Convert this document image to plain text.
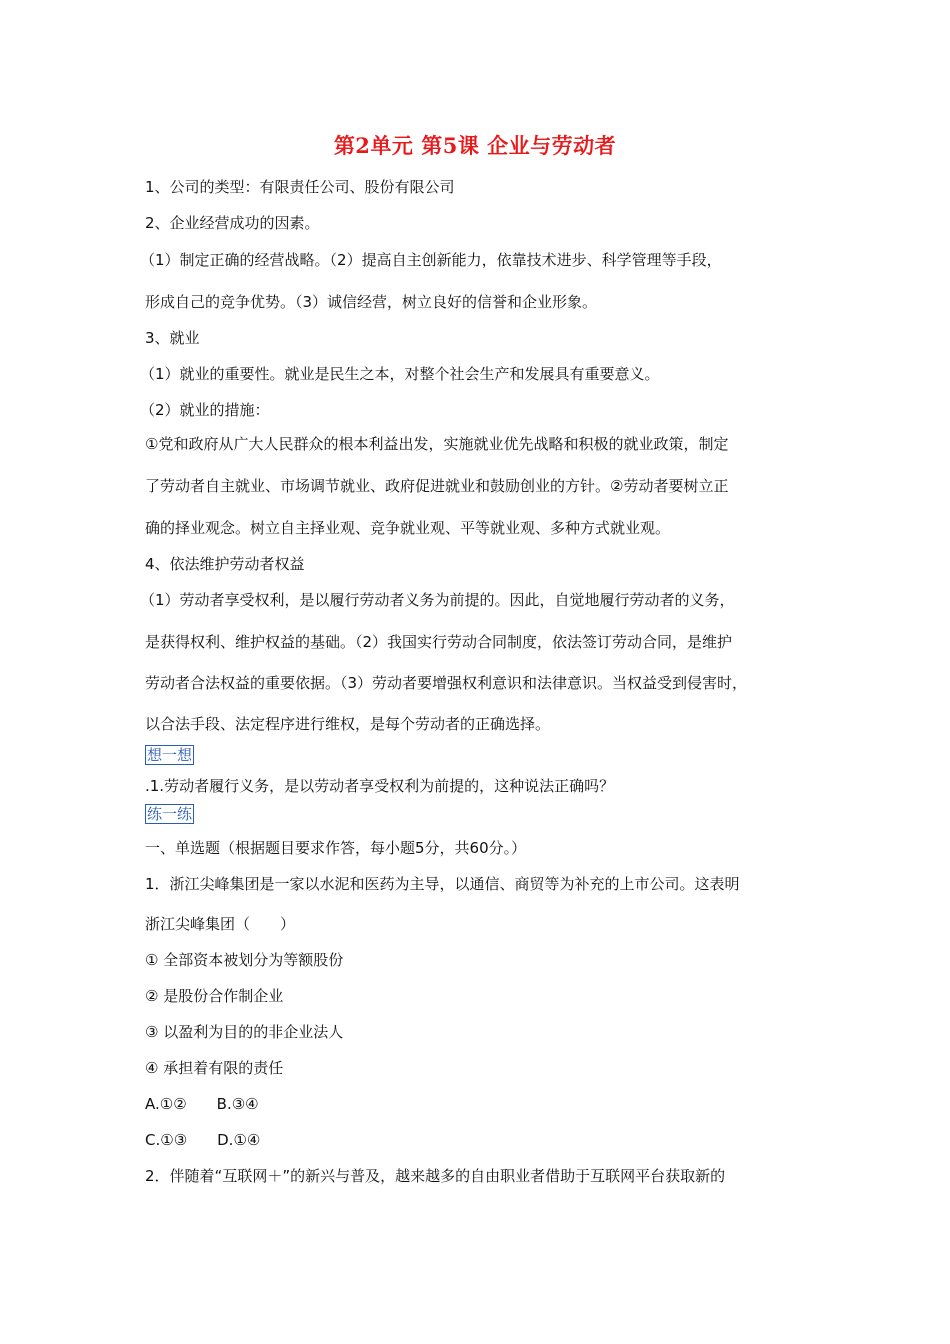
第2单元 第5课 企业与劳动者
1、公司的类型：有限责任公司、股份有限公司
2、企业经营成功的因素。
（1）制定正确的经营战略。（2）提高自主创新能力，依靠技术进步、科学管理等手段，
形成自己的竞争优势。（3）诚信经营，树立良好的信誉和企业形象。
3、就业
（1）就业的重要性。就业是民生之本，对整个社会生产和发展具有重要意义。
（2）就业的措施：
①党和政府从广大人民群众的根本利益出发，实施就业优先战略和积极的就业政策，制定
了劳动者自主就业、市场调节就业、政府促进就业和鼓励创业的方针。②劳动者要树立正
确的择业观念。树立自主择业观、竞争就业观、平等就业观、多种方式就业观。
4、依法维护劳动者权益
（1）劳动者享受权利，是以履行劳动者义务为前提的。因此，自觉地履行劳动者的义务，
是获得权利、维护权益的基础。（2）我国实行劳动合同制度，依法签订劳动合同，是维护
劳动者合法权益的重要依据。（3）劳动者要增强权利意识和法律意识。当权益受到侵害时，
以合法手段、法定程序进行维权，是每个劳动者的正确选择。
想一想
.1.劳动者履行义务，是以劳动者享受权利为前提的，这种说法正确吗？
练一练
一、单选题（根据题目要求作答，每小题5分，共60分。）
1．浙江尖峰集团是一家以水泥和医药为主导，以通信、商贸等为补充的上市公司。这表明
浙江尖峰集团（　　）
① 全部资本被划分为等额股份
② 是股份合作制企业
③ 以盈利为目的的非企业法人
④ 承担着有限的责任
A.①②　　B.③④
C.①③　　D.①④
2．伴随着“互联网＋”的新兴与普及，越来越多的自由职业者借助于互联网平台获取新的
